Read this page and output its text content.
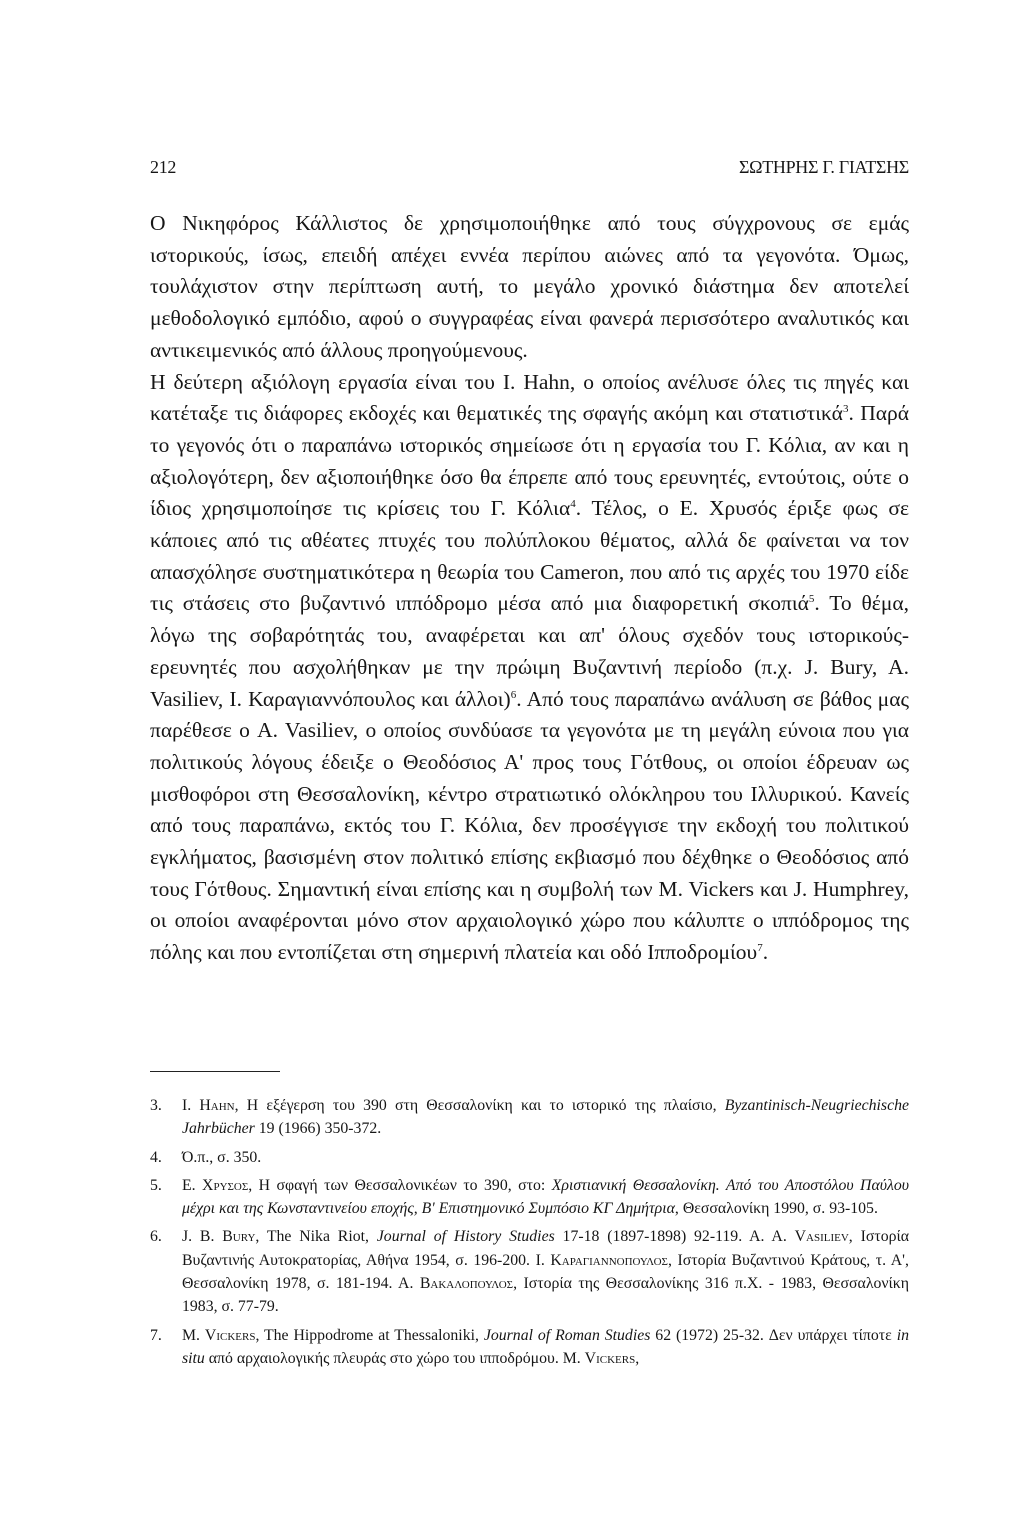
212	ΣΩΤΗΡΗΣ Γ. ΓΙΑΤΣΗΣ

Ο Νικηφόρος Κάλλιστος δε χρησιμοποιήθηκε από τους σύγχρονους σε εμάς ιστορικούς, ίσως, επειδή απέχει εννέα περίπου αιώνες από τα γεγονότα. Όμως, τουλάχιστον στην περίπτωση αυτή, το μεγάλο χρονικό διάστημα δεν αποτελεί μεθοδολογικό εμπόδιο, αφού ο συγγραφέας είναι φανερά περισσότερο αναλυτικός και αντικειμενικός από άλλους προηγούμενους.

Η δεύτερη αξιόλογη εργασία είναι του Ι. Hahn, ο οποίος ανέλυσε όλες τις πηγές και κατέταξε τις διάφορες εκδοχές και θεματικές της σφαγής ακόμη και στατιστικά$^3$. Παρά το γεγονός ότι ο παραπάνω ιστορικός σημείωσε ότι η εργασία του Γ. Κόλια, αν και η αξιολογότερη, δεν αξιοποιήθηκε όσο θα έπρεπε από τους ερευνητές, εντούτοις, ούτε ο ίδιος χρησιμοποίησε τις κρίσεις του Γ. Κόλια$^4$. Τέλος, ο Ε. Χρυσός έριξε φως σε κάποιες από τις αθέατες πτυχές του πολύπλοκου θέματος, αλλά δε φαίνεται να τον απασχόλησε συστηματικότερα η θεωρία του Cameron, που από τις αρχές του 1970 είδε τις στάσεις στο βυζαντινό ιππόδρομο μέσα από μια διαφορετική σκοπιά$^5$. Το θέμα, λόγω της σοβαρότητάς του, αναφέρεται και απ' όλους σχεδόν τους ιστορικούς-ερευνητές που ασχολήθηκαν με την πρώιμη Βυζαντινή περίοδο (π.χ. J. Bury, A. Vasiliev, Ι. Καραγιαννόπουλος και άλλοι)$^6$. Από τους παραπάνω ανάλυση σε βάθος μας παρέθεσε ο A. Vasiliev, ο οποίος συνδύασε τα γεγονότα με τη μεγάλη εύνοια που για πολιτικούς λόγους έδειξε ο Θεοδόσιος Α' προς τους Γότθους, οι οποίοι έδρευαν ως μισθοφόροι στη Θεσσαλονίκη, κέντρο στρατιωτικό ολόκληρου του Ιλλυρικού. Κανείς από τους παραπάνω, εκτός του Γ. Κόλια, δεν προσέγγισε την εκδοχή του πολιτικού εγκλήματος, βασισμένη στον πολιτικό επίσης εκβιασμό που δέχθηκε ο Θεοδόσιος από τους Γότθους. Σημαντική είναι επίσης και η συμβολή των M. Vickers και J. Humphrey, οι οποίοι αναφέρονται μόνο στον αρχαιολογικό χώρο που κάλυπτε ο ιππόδρομος της πόλης και που εντοπίζεται στη σημερινή πλατεία και οδό Ιπποδρομίου$^7$.

3. Ι. Hahn, Η εξέγερση του 390 στη Θεσσαλονίκη και το ιστορικό της πλαίσιο, Byzantinisch-Neugriechische Jahrbücher 19 (1966) 350-372.
4. Ό.π., σ. 350.
5. Ε. Χρυσος, Η σφαγή των Θεσσαλονικέων το 390, στο: Χριστιανική Θεσσαλονίκη. Από του Αποστόλου Παύλου μέχρι και της Κωνσταντινείου εποχής, Β' Επιστημονικό Συμπόσιο ΚΓ Δημήτρια, Θεσσαλονίκη 1990, σ. 93-105.
6. J. B. Bury, The Nika Riot, Journal of History Studies 17-18 (1897-1898) 92-119. A. A. Vasiliev, Ιστορία Βυζαντινής Αυτοκρατορίας, Αθήνα 1954, σ. 196-200. Ι. Καραγιαννοπουλος, Ιστορία Βυζαντινού Κράτους, τ. Α', Θεσσαλονίκη 1978, σ. 181-194. Α. Βακαλοπουλος, Ιστορία της Θεσσαλονίκης 316 π.Χ. - 1983, Θεσσαλονίκη 1983, σ. 77-79.
7. M. Vickers, The Hippodrome at Thessaloniki, Journal of Roman Studies 62 (1972) 25-32. Δεν υπάρχει τίποτε in situ από αρχαιολογικής πλευράς στο χώρο του ιπποδρόμου. M. Vickers,
